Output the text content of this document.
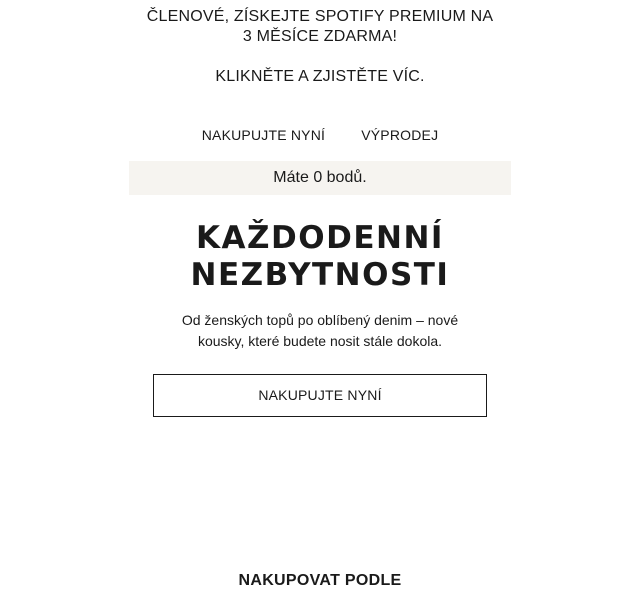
ČLENOVÉ, ZÍSKEJTE SPOTIFY PREMIUM NA
3 MĚSÍCE ZDARMA!
KLIKNĚTE A ZJISTĚTE VÍC.
NAKUPUJTE NYNÍ	VÝPRODEJ
Máte 0 bodů.
KAŽDODENNÍ
NEZBYTNOSTI

Od ženských topů po oblíbený denim – nové
kousky, které budete nosit stále dokola.

NAKUPUJTE NYNÍ
NAKUPOVAT PODLE
